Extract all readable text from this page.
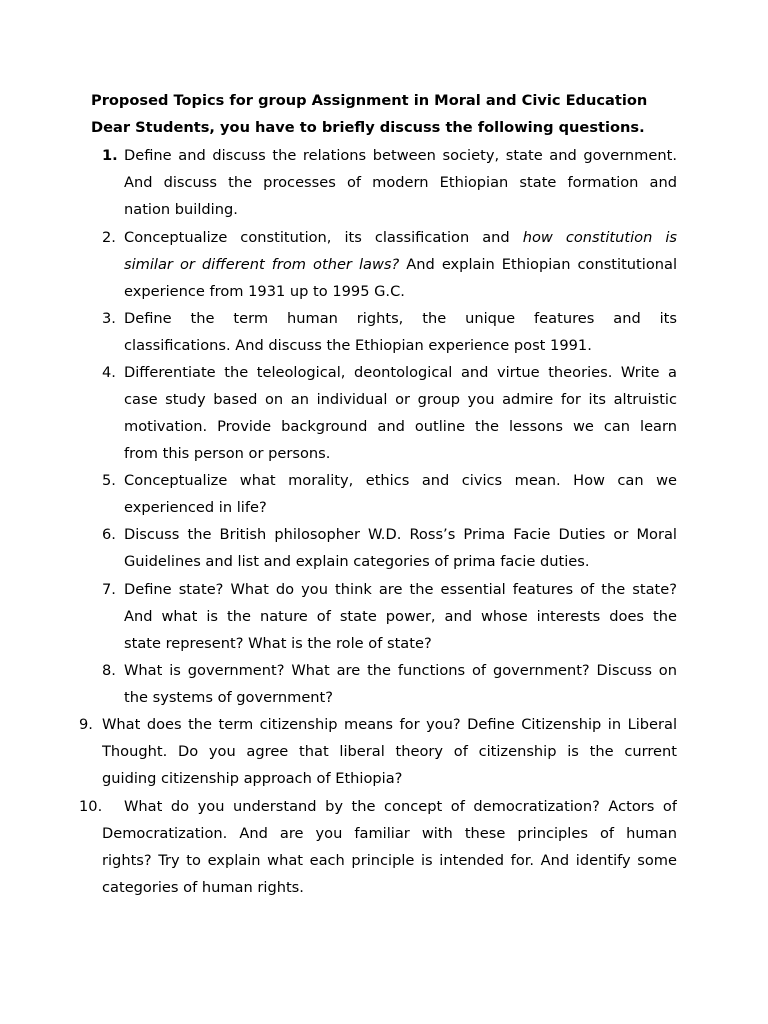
Proposed Topics for group Assignment in Moral and Civic Education
Dear Students, you have to briefly discuss the following questions.
1. Define and discuss the relations between society, state and government.
And discuss the processes of modern Ethiopian state formation and
nation building.
2. Conceptualize constitution, its classification and how constitution is
similar or different from other laws? And explain Ethiopian constitutional
experience from 1931 up to 1995 G.C.
3. Define the term human rights, the unique features and its
classifications. And discuss the Ethiopian experience post 1991.
4. Differentiate the teleological, deontological and virtue theories. Write a
case study based on an individual or group you admire for its altruistic
motivation. Provide background and outline the lessons we can learn
from this person or persons.
5. Conceptualize what morality, ethics and civics mean. How can we
experienced in life?
6. Discuss the British philosopher W.D. Ross’s Prima Facie Duties or Moral
Guidelines and list and explain categories of prima facie duties.
7. Define state? What do you think are the essential features of the state?
And what is the nature of state power, and whose interests does the
state represent? What is the role of state?
8. What is government? What are the functions of government? Discuss on
the systems of government?
9. What does the term citizenship means for you? Define Citizenship in Liberal
Thought. Do you agree that liberal theory of citizenship is the current
guiding citizenship approach of Ethiopia?
10.	What do you understand by the concept of democratization? Actors of
Democratization. And are you familiar with these principles of human
rights? Try to explain what each principle is intended for. And identify some
categories of human rights.
